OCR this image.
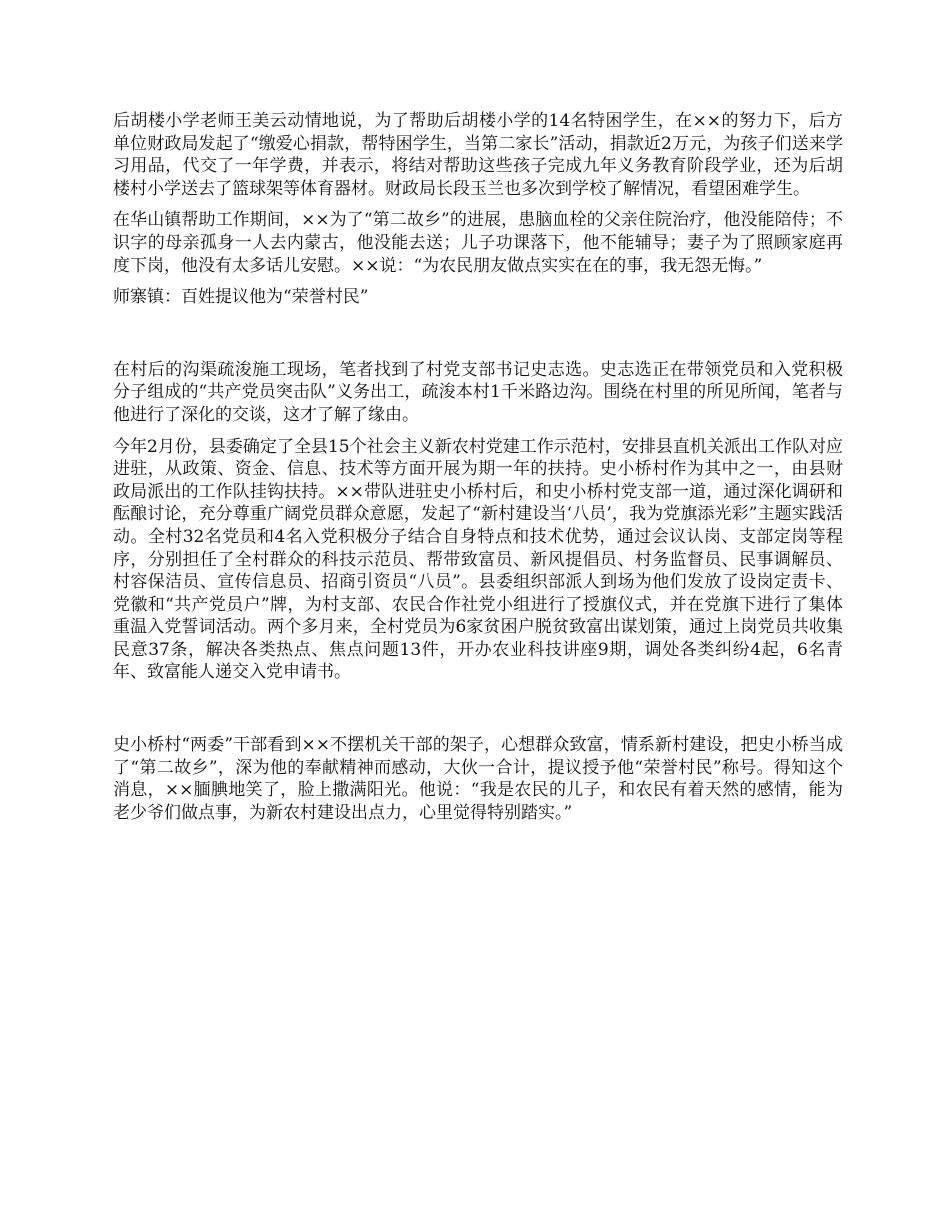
后胡楼小学老师王美云动情地说，为了帮助后胡楼小学的14名特困学生，在××的努力下，后方单位财政局发起了“缴爱心捐款，帮特困学生，当第二家长”活动，捐款近2万元，为孩子们送来学习用品，代交了一年学费，并表示，将结对帮助这些孩子完成九年义务教育阶段学业，还为后胡楼村小学送去了篮球架等体育器材。财政局长段玉兰也多次到学校了解情况，看望困难学生。

在华山镇帮助工作期间，××为了“第二故乡”的进展，患脑血栓的父亲住院治疗，他没能陪侍；不识字的母亲孤身一人去内蒙古，他没能去送；儿子功课落下，他不能辅导；妻子为了照顾家庭再度下岗，他没有太多话儿安慰。××说：“为农民朋友做点实实在在的事，我无怨无悔。”

师寨镇：百姓提议他为“荣誉村民”

在村后的沟渠疏浚施工现场，笔者找到了村党支部书记史志选。史志选正在带领党员和入党积极分子组成的“共产党员突击队”义务出工，疏浚本村1千米路边沟。围绕在村里的所见所闻，笔者与他进行了深化的交谈，这才了解了缘由。

今年2月份，县委确定了全县15个社会主义新农村党建工作示范村，安排县直机关派出工作队对应进驻，从政策、资金、信息、技术等方面开展为期一年的扶持。史小桥村作为其中之一，由县财政局派出的工作队挂钩扶持。××带队进驻史小桥村后，和史小桥村党支部一道，通过深化调研和酝酿讨论，充分尊重广阔党员群众意愿，发起了“新村建设当‘八员’，我为党旗添光彩”主题实践活动。全村32名党员和4名入党积极分子结合自身特点和技术优势，通过会议认岗、支部定岗等程序，分别担任了全村群众的科技示范员、帮带致富员、新风提倡员、村务监督员、民事调解员、村容保洁员、宣传信息员、招商引资员“八员”。县委组织部派人到场为他们发放了设岗定责卡、党徽和“共产党员户”牌，为村支部、农民合作社党小组进行了授旗仪式，并在党旗下进行了集体重温入党誓词活动。两个多月来，全村党员为6家贫困户脱贫致富出谋划策，通过上岗党员共收集民意37条，解决各类热点、焦点问题13件，开办农业科技讲座9期，调处各类纠纷4起，6名青年、致富能人递交入党申请书。

史小桥村“两委”干部看到××不摆机关干部的架子，心想群众致富，情系新村建设，把史小桥当成了“第二故乡”，深为他的奉献精神而感动，大伙一合计，提议授予他“荣誉村民”称号。得知这个消息，××腼腆地笑了，脸上撒满阳光。他说：“我是农民的儿子，和农民有着天然的感情，能为老少爷们做点事，为新农村建设出点力，心里觉得特别踏实。”
